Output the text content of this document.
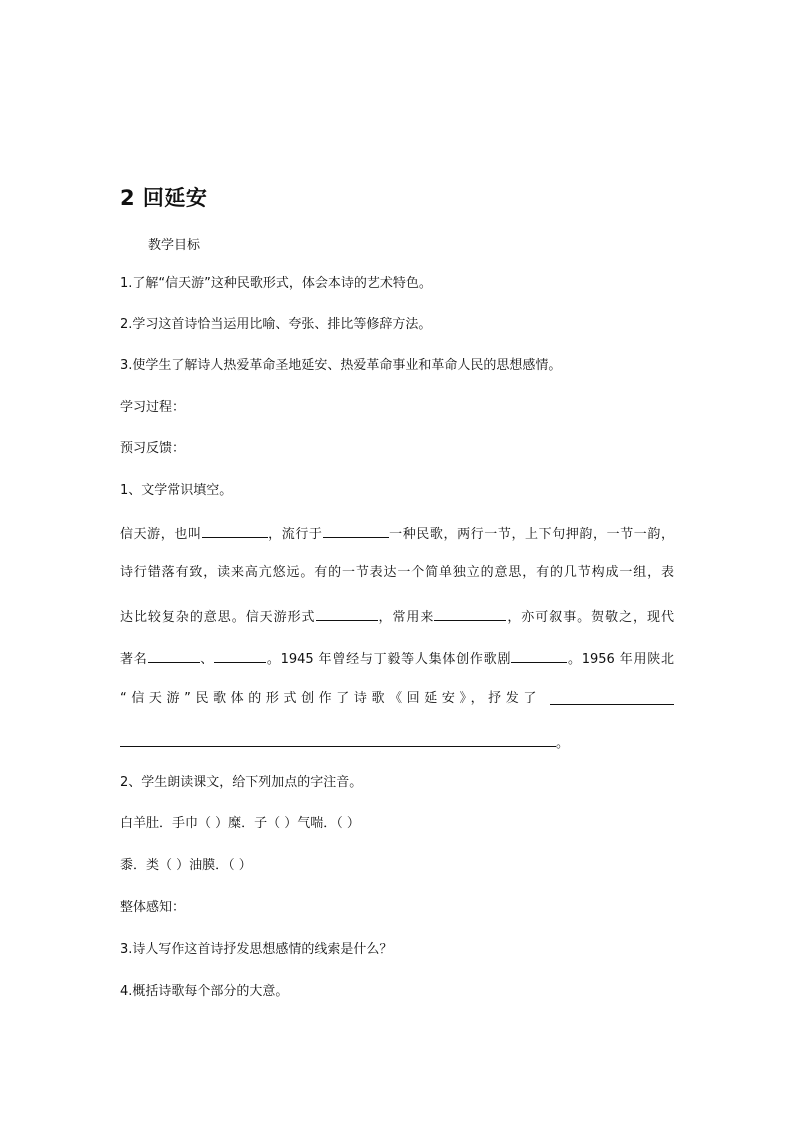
2 回延安
教学目标
1.了解“信天游”这种民歌形式，体会本诗的艺术特色。
2.学习这首诗恰当运用比喻、夸张、排比等修辞方法。
3.使学生了解诗人热爱革命圣地延安、热爱革命事业和革命人民的思想感情。
学习过程：
预习反馈：
1、文学常识填空。
信天游，也叫	，流行于	一种民歌，两行一节，上下句押韵，一节一韵，
诗行错落有致，读来高亢悠远。有的一节表达一个简单独立的意思，有的几节构成一组，表
达比较复杂的意思。信天游形式	，常用来	，亦可叙事。贺敬之，现代
著名	、	。1945 年曾经与丁毅等人集体创作歌剧	。1956 年用陕北
“信天游”民歌体的形式创作了诗歌《回延安》，抒发了
。
2、学生朗读课文，给下列加点的字注音。
白羊肚．手巾（ ）糜．子（ ）气喘．（ ）
黍．类（ ）油膜．（ ）
整体感知：
3.诗人写作这首诗抒发思想感情的线索是什么？
4.概括诗歌每个部分的大意。
